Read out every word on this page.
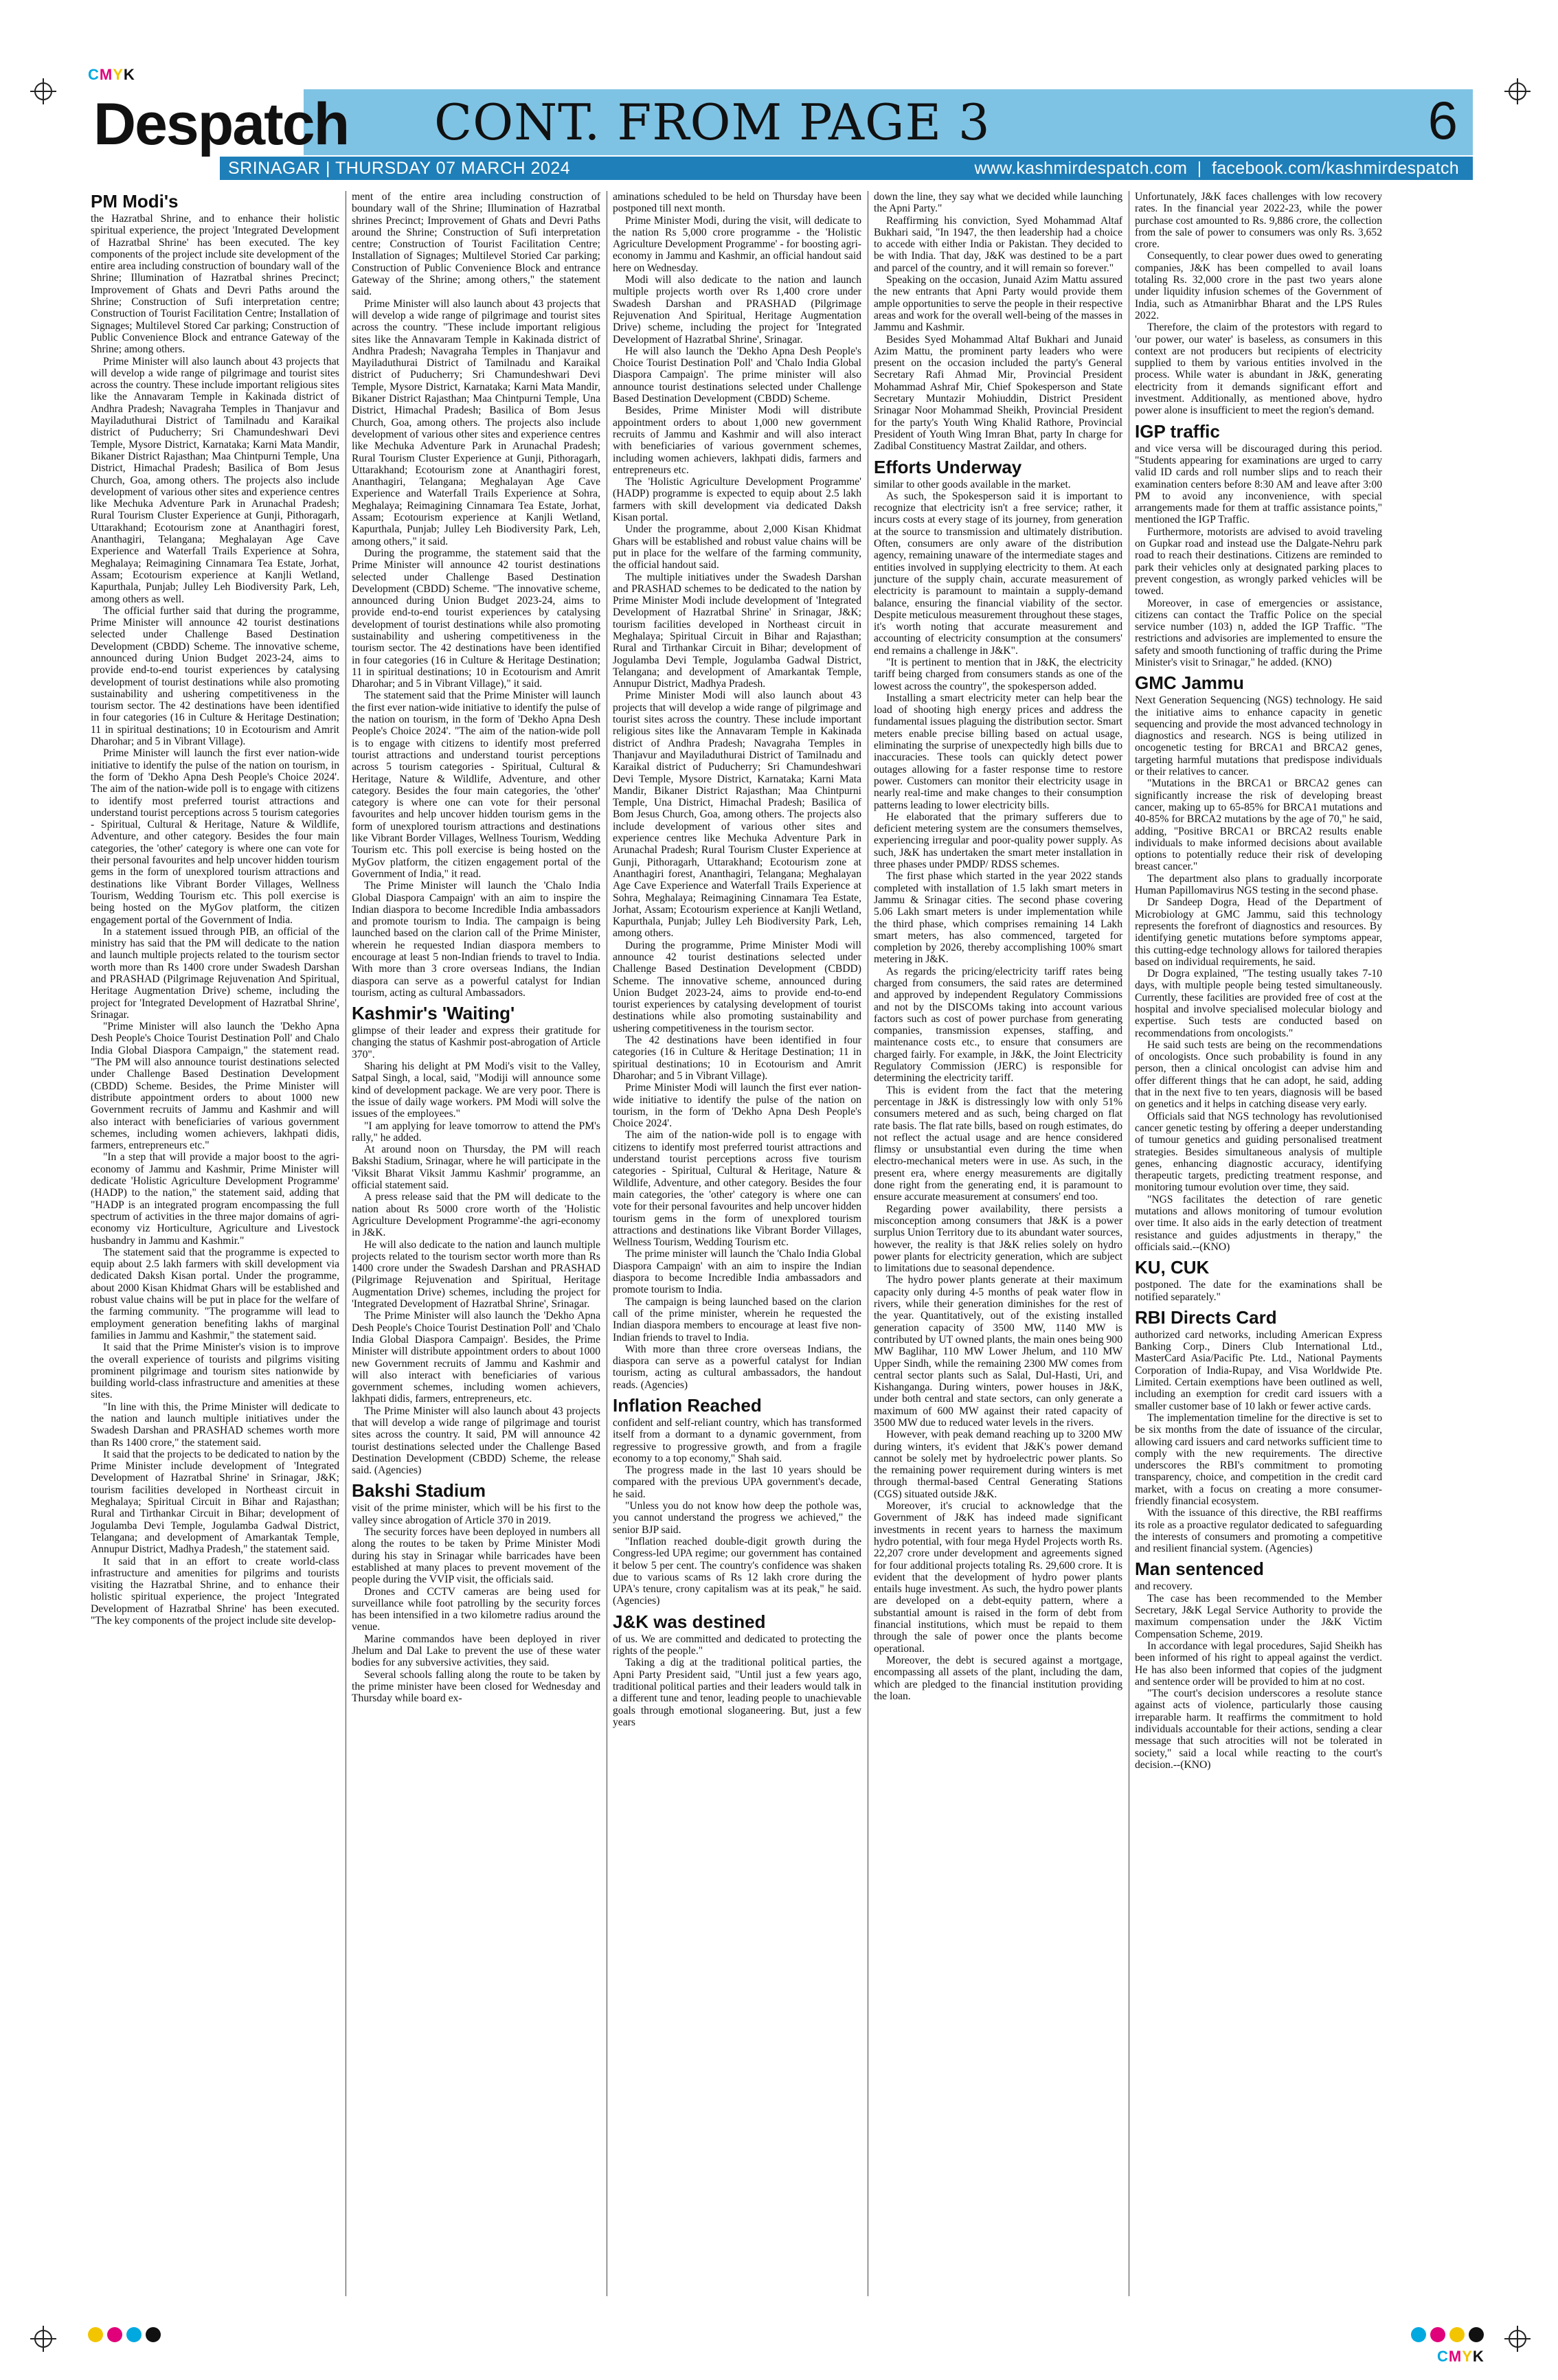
CMYK
CMYK
Despatch CONT. FROM PAGE 3	6
SRINAGAR | THURSDAY 07 MARCH 2024	www.kashmirdespatch.com | facebook.com/kashmirdespatch
PM Modi's

the Hazratbal Shrine, and to enhance their holistic spiritual experience, the project 'Integrated Development of Hazratbal Shrine' has been executed. The key components of the project include site development of the entire area including construction of boundary wall of the Shrine; Illumination of Hazratbal shrines Precinct; Improvement of Ghats and Devri Paths around the Shrine; Construction of Sufi interpretation centre; Construction of Tourist Facilitation Centre; Installation of Signages; Multilevel Stored Car parking; Construction of Public Convenience Block and entrance Gateway of the Shrine; among others.

Prime Minister will also launch about 43 projects that will develop a wide range of pilgrimage and tourist sites across the country. These include important religious sites like the Annavaram Temple in Kakinada district of Andhra Pradesh; Navagraha Temples in Thanjavur and Mayiladuthurai District of Tamilnadu and Karaikal district of Puducherry; Sri Chamundeshwari Devi Temple, Mysore District, Karnataka; Karni Mata Mandir, Bikaner District Rajasthan; Maa Chintpurni Temple, Una District, Himachal Pradesh; Basilica of Bom Jesus Church, Goa, among others. The projects also include development of various other sites and experience centres like Mechuka Adventure Park in Arunachal Pradesh; Rural Tourism Cluster Experience at Gunji, Pithoragarh, Uttarakhand; Ecotourism zone at Ananthagiri forest, Ananthagiri, Telangana; Meghalayan Age Cave Experience and Waterfall Trails Experience at Sohra, Meghalaya; Reimagining Cinnamara Tea Estate, Jorhat, Assam; Ecotourism experience at Kanjli Wetland, Kapurthala, Punjab; Julley Leh Biodiversity Park, Leh, among others as well.

The official further said that during the programme, Prime Minister will announce 42 tourist destinations selected under Challenge Based Destination Development (CBDD) Scheme. The innovative scheme, announced during Union Budget 2023-24, aims to provide end-to-end tourist experiences by catalysing development of tourist destinations while also promoting sustainability and ushering competitiveness in the tourism sector. The 42 destinations have been identified in four categories (16 in Culture & Heritage Destination; 11 in spiritual destinations; 10 in Ecotourism and Amrit Dharohar; and 5 in Vibrant Village).

Prime Minister will launch the first ever nation-wide initiative to identify the pulse of the nation on tourism, in the form of 'Dekho Apna Desh People's Choice 2024'. The aim of the nation-wide poll is to engage with citizens to identify most preferred tourist attractions and understand tourist perceptions across 5 tourism categories - Spiritual, Cultural & Heritage, Nature & Wildlife, Adventure, and other category. Besides the four main categories, the 'other' category is where one can vote for their personal favourites and help uncover hidden tourism gems in the form of unexplored tourism attractions and destinations like Vibrant Border Villages, Wellness Tourism, Wedding Tourism etc. This poll exercise is being hosted on the MyGov platform, the citizen engagement portal of the Government of India.

In a statement issued through PIB, an official of the ministry has said that the PM will dedicate to the nation and launch multiple projects related to the tourism sector worth more than Rs 1400 crore under Swadesh Darshan and PRASHAD (Pilgrimage Rejuvenation And Spiritual, Heritage Augmentation Drive) scheme, including the project for 'Integrated Development of Hazratbal Shrine', Srinagar.

"Prime Minister will also launch the 'Dekho Apna Desh People's Choice Tourist Destination Poll' and Chalo India Global Diaspora Campaign," the statement read. "The PM will also announce tourist destinations selected under Challenge Based Destination Development (CBDD) Scheme. Besides, the Prime Minister will distribute appointment orders to about 1000 new Government recruits of Jammu and Kashmir and will also interact with beneficiaries of various government schemes, including women achievers, lakhpati didis, farmers, entrepreneurs etc."

"In a step that will provide a major boost to the agri-economy of Jammu and Kashmir, Prime Minister will dedicate 'Holistic Agriculture Development Programme' (HADP) to the nation," the statement said, adding that "HADP is an integrated program encompassing the full spectrum of activities in the three major domains of agri-economy viz Horticulture, Agriculture and Livestock husbandry in Jammu and Kashmir."

The statement said that the programme is expected to equip about 2.5 lakh farmers with skill development via dedicated Daksh Kisan portal. Under the programme, about 2000 Kisan Khidmat Ghars will be established and robust value chains will be put in place for the welfare of the farming community. "The programme will lead to employment generation benefiting lakhs of marginal families in Jammu and Kashmir," the statement said.

It said that the Prime Minister's vision is to improve the overall experience of tourists and pilgrims visiting prominent pilgrimage and tourism sites nationwide by building world-class infrastructure and amenities at these sites.

"In line with this, the Prime Minister will dedicate to the nation and launch multiple initiatives under the Swadesh Darshan and PRASHAD schemes worth more than Rs 1400 crore," the statement said.

It said that the projects to be dedicated to nation by the Prime Minister include development of 'Integrated Development of Hazratbal Shrine' in Srinagar, J&K; tourism facilities developed in Northeast circuit in Meghalaya; Spiritual Circuit in Bihar and Rajasthan; Rural and Tirthankar Circuit in Bihar; development of Jogulamba Devi Temple, Jogulamba Gadwal District, Telangana; and development of Amarkantak Temple, Annupur District, Madhya Pradesh," the statement said.

It said that in an effort to create world-class infrastructure and amenities for pilgrims and tourists visiting the Hazratbal Shrine, and to enhance their holistic spiritual experience, the project 'Integrated Development of Hazratbal Shrine' has been executed. "The key components of the project include site develop-

ment of the entire area including construction of boundary wall of the Shrine; Illumination of Hazratbal shrines Precinct; Improvement of Ghats and Devri Paths around the Shrine; Construction of Sufi interpretation centre; Construction of Tourist Facilitation Centre; Installation of Signages; Multilevel Storied Car parking; Construction of Public Convenience Block and entrance Gateway of the Shrine; among others," the statement said.

Prime Minister will also launch about 43 projects that will develop a wide range of pilgrimage and tourist sites across the country. "These include important religious sites like the Annavaram Temple in Kakinada district of Andhra Pradesh; Navagraha Temples in Thanjavur and Mayiladuthurai District of Tamilnadu and Karaikal district of Puducherry; Sri Chamundeshwari Devi Temple, Mysore District, Karnataka; Karni Mata Mandir, Bikaner District Rajasthan; Maa Chintpurni Temple, Una District, Himachal Pradesh; Basilica of Bom Jesus Church, Goa, among others. The projects also include development of various other sites and experience centres like Mechuka Adventure Park in Arunachal Pradesh; Rural Tourism Cluster Experience at Gunji, Pithoragarh, Uttarakhand; Ecotourism zone at Ananthagiri forest, Ananthagiri, Telangana; Meghalayan Age Cave Experience and Waterfall Trails Experience at Sohra, Meghalaya; Reimagining Cinnamara Tea Estate, Jorhat, Assam; Ecotourism experience at Kanjli Wetland, Kapurthala, Punjab; Julley Leh Biodiversity Park, Leh, among others," it said.

During the programme, the statement said that the Prime Minister will announce 42 tourist destinations selected under Challenge Based Destination Development (CBDD) Scheme. "The innovative scheme, announced during Union Budget 2023-24, aims to provide end-to-end tourist experiences by catalysing development of tourist destinations while also promoting sustainability and ushering competitiveness in the tourism sector. The 42 destinations have been identified in four categories (16 in Culture & Heritage Destination; 11 in spiritual destinations; 10 in Ecotourism and Amrit Dharohar; and 5 in Vibrant Village)," it said.

The statement said that the Prime Minister will launch the first ever nation-wide initiative to identify the pulse of the nation on tourism, in the form of 'Dekho Apna Desh People's Choice 2024'. "The aim of the nation-wide poll is to engage with citizens to identify most preferred tourist attractions and understand tourist perceptions across 5 tourism categories - Spiritual, Cultural & Heritage, Nature & Wildlife, Adventure, and other category. Besides the four main categories, the 'other' category is where one can vote for their personal favourites and help uncover hidden tourism gems in the form of unexplored tourism attractions and destinations like Vibrant Border Villages, Wellness Tourism, Wedding Tourism etc. This poll exercise is being hosted on the MyGov platform, the citizen engagement portal of the Government of India," it read.

The Prime Minister will launch the 'Chalo India Global Diaspora Campaign' with an aim to inspire the Indian diaspora to become Incredible India ambassadors and promote tourism to India. The campaign is being launched based on the clarion call of the Prime Minister, wherein he requested Indian diaspora members to encourage at least 5 non-Indian friends to travel to India. With more than 3 crore overseas Indians, the Indian diaspora can serve as a powerful catalyst for Indian tourism, acting as cultural Ambassadors.

Kashmir's 'Waiting'

glimpse of their leader and express their gratitude for changing the status of Kashmir post-abrogation of Article 370".

Sharing his delight at PM Modi's visit to the Valley, Satpal Singh, a local, said, "Modiji will announce some kind of development package. We are very poor. There is the issue of daily wage workers. PM Modi will solve the issues of the employees."

"I am applying for leave tomorrow to attend the PM's rally," he added.

At around noon on Thursday, the PM will reach Bakshi Stadium, Srinagar, where he will participate in the 'Viksit Bharat Viksit Jammu Kashmir' programme, an official statement said.

A press release said that the PM will dedicate to the nation about Rs 5000 crore worth of the 'Holistic Agriculture Development Programme'-the agri-economy in J&K.

He will also dedicate to the nation and launch multiple projects related to the tourism sector worth more than Rs 1400 crore under the Swadesh Darshan and PRASHAD (Pilgrimage Rejuvenation and Spiritual, Heritage Augmentation Drive) schemes, including the project for 'Integrated Development of Hazratbal Shrine', Srinagar.

The Prime Minister will also launch the 'Dekho Apna Desh People's Choice Tourist Destination Poll' and 'Chalo India Global Diaspora Campaign'. Besides, the Prime Minister will distribute appointment orders to about 1000 new Government recruits of Jammu and Kashmir and will also interact with beneficiaries of various government schemes, including women achievers, lakhpati didis, farmers, entrepreneurs, etc.

The Prime Minister will also launch about 43 projects that will develop a wide range of pilgrimage and tourist sites across the country. It said, PM will announce 42 tourist destinations selected under the Challenge Based Destination Development (CBDD) Scheme, the release said. (Agencies)

Bakshi Stadium

visit of the prime minister, which will be his first to the valley since abrogation of Article 370 in 2019.

The security forces have been deployed in numbers all along the routes to be taken by Prime Minister Modi during his stay in Srinagar while barricades have been established at many places to prevent movement of the people during the VVIP visit, the officials said.

Drones and CCTV cameras are being used for surveillance while foot patrolling by the security forces has been intensified in a two kilometre radius around the venue.

Marine commandos have been deployed in river Jhelum and Dal Lake to prevent the use of these water bodies for any subversive activities, they said.

Several schools falling along the route to be taken by the prime minister have been closed for Wednesday and Thursday while board ex-

aminations scheduled to be held on Thursday have been postponed till next month.

Prime Minister Modi, during the visit, will dedicate to the nation Rs 5,000 crore programme - the 'Holistic Agriculture Development Programme' - for boosting agri-economy in Jammu and Kashmir, an official handout said here on Wednesday.

Modi will also dedicate to the nation and launch multiple projects worth over Rs 1,400 crore under Swadesh Darshan and PRASHAD (Pilgrimage Rejuvenation And Spiritual, Heritage Augmentation Drive) scheme, including the project for 'Integrated Development of Hazratbal Shrine', Srinagar.

He will also launch the 'Dekho Apna Desh People's Choice Tourist Destination Poll' and 'Chalo India Global Diaspora Campaign'. The prime minister will also announce tourist destinations selected under Challenge Based Destination Development (CBDD) Scheme.

Besides, Prime Minister Modi will distribute appointment orders to about 1,000 new government recruits of Jammu and Kashmir and will also interact with beneficiaries of various government schemes, including women achievers, lakhpati didis, farmers and entrepreneurs etc.

The 'Holistic Agriculture Development Programme' (HADP) programme is expected to equip about 2.5 lakh farmers with skill development via dedicated Daksh Kisan portal.

Under the programme, about 2,000 Kisan Khidmat Ghars will be established and robust value chains will be put in place for the welfare of the farming community, the official handout said.

The multiple initiatives under the Swadesh Darshan and PRASHAD schemes to be dedicated to the nation by Prime Minister Modi include development of 'Integrated Development of Hazratbal Shrine' in Srinagar, J&K; tourism facilities developed in Northeast circuit in Meghalaya; Spiritual Circuit in Bihar and Rajasthan; Rural and Tirthankar Circuit in Bihar; development of Jogulamba Devi Temple, Jogulamba Gadwal District, Telangana; and development of Amarkantak Temple, Annupur District, Madhya Pradesh.

Prime Minister Modi will also launch about 43 projects that will develop a wide range of pilgrimage and tourist sites across the country. These include important religious sites like the Annavaram Temple in Kakinada district of Andhra Pradesh; Navagraha Temples in Thanjavur and Mayiladuthurai District of Tamilnadu and Karaikal district of Puducherry; Sri Chamundeshwari Devi Temple, Mysore District, Karnataka; Karni Mata Mandir, Bikaner District Rajasthan; Maa Chintpurni Temple, Una District, Himachal Pradesh; Basilica of Bom Jesus Church, Goa, among others. The projects also include development of various other sites and experience centres like Mechuka Adventure Park in Arunachal Pradesh; Rural Tourism Cluster Experience at Gunji, Pithoragarh, Uttarakhand; Ecotourism zone at Ananthagiri forest, Ananthagiri, Telangana; Meghalayan Age Cave Experience and Waterfall Trails Experience at Sohra, Meghalaya; Reimagining Cinnamara Tea Estate, Jorhat, Assam; Ecotourism experience at Kanjli Wetland, Kapurthala, Punjab; Julley Leh Biodiversity Park, Leh, among others.

During the programme, Prime Minister Modi will announce 42 tourist destinations selected under Challenge Based Destination Development (CBDD) Scheme. The innovative scheme, announced during Union Budget 2023-24, aims to provide end-to-end tourist experiences by catalysing development of tourist destinations while also promoting sustainability and ushering competitiveness in the tourism sector.

The 42 destinations have been identified in four categories (16 in Culture & Heritage Destination; 11 in spiritual destinations; 10 in Ecotourism and Amrit Dharohar; and 5 in Vibrant Village).

Prime Minister Modi will launch the first ever nation-wide initiative to identify the pulse of the nation on tourism, in the form of 'Dekho Apna Desh People's Choice 2024'.

The aim of the nation-wide poll is to engage with citizens to identify most preferred tourist attractions and understand tourist perceptions across five tourism categories - Spiritual, Cultural & Heritage, Nature & Wildlife, Adventure, and other category. Besides the four main categories, the 'other' category is where one can vote for their personal favourites and help uncover hidden tourism gems in the form of unexplored tourism attractions and destinations like Vibrant Border Villages, Wellness Tourism, Wedding Tourism etc.

The prime minister will launch the 'Chalo India Global Diaspora Campaign' with an aim to inspire the Indian diaspora to become Incredible India ambassadors and promote tourism to India.

The campaign is being launched based on the clarion call of the prime minister, wherein he requested the Indian diaspora members to encourage at least five non-Indian friends to travel to India.

With more than three crore overseas Indians, the diaspora can serve as a powerful catalyst for Indian tourism, acting as cultural ambassadors, the handout reads. (Agencies)

Inflation Reached

confident and self-reliant country, which has transformed itself from a dormant to a dynamic government, from regressive to progressive growth, and from a fragile economy to a top economy," Shah said.

The progress made in the last 10 years should be compared with the previous UPA government's decade, he said.

"Unless you do not know how deep the pothole was, you cannot understand the progress we achieved," the senior BJP said.

"Inflation reached double-digit growth during the Congress-led UPA regime; our government has contained it below 5 per cent. The country's confidence was shaken due to various scams of Rs 12 lakh crore during the UPA's tenure, crony capitalism was at its peak," he said. (Agencies)

J&K was destined

of us. We are committed and dedicated to protecting the rights of the people."

Taking a dig at the traditional political parties, the Apni Party President said, "Until just a few years ago, traditional political parties and their leaders would talk in a different tune and tenor, leading people to unachievable goals through emotional sloganeering. But, just a few years

down the line, they say what we decided while launching the Apni Party."

Reaffirming his conviction, Syed Mohammad Altaf Bukhari said, "In 1947, the then leadership had a choice to accede with either India or Pakistan. They decided to be with India. That day, J&K was destined to be a part and parcel of the country, and it will remain so forever."

Speaking on the occasion, Junaid Azim Mattu assured the new entrants that Apni Party would provide them ample opportunities to serve the people in their respective areas and work for the overall well-being of the masses in Jammu and Kashmir.

Besides Syed Mohammad Altaf Bukhari and Junaid Azim Mattu, the prominent party leaders who were present on the occasion included the party's General Secretary Rafi Ahmad Mir, Provincial President Mohammad Ashraf Mir, Chief Spokesperson and State Secretary Muntazir Mohiuddin, District President Srinagar Noor Mohammad Sheikh, Provincial President for the party's Youth Wing Khalid Rathore, Provincial President of Youth Wing Imran Bhat, party In charge for Zadibal Constituency Mastrat Zaildar, and others.

Efforts Underway

similar to other goods available in the market.

As such, the Spokesperson said it is important to recognize that electricity isn't a free service; rather, it incurs costs at every stage of its journey, from generation at the source to transmission and ultimately distribution. Often, consumers are only aware of the distribution agency, remaining unaware of the intermediate stages and entities involved in supplying electricity to them. At each juncture of the supply chain, accurate measurement of electricity is paramount to maintain a supply-demand balance, ensuring the financial viability of the sector. Despite meticulous measurement throughout these stages, it's worth noting that accurate measurement and accounting of electricity consumption at the consumers' end remains a challenge in J&K".

"It is pertinent to mention that in J&K, the electricity tariff being charged from consumers stands as one of the lowest across the country", the spokesperson added.

Installing a smart electricity meter can help bear the load of shooting high energy prices and address the fundamental issues plaguing the distribution sector. Smart meters enable precise billing based on actual usage, eliminating the surprise of unexpectedly high bills due to inaccuracies. These tools can quickly detect power outages allowing for a faster response time to restore power. Customers can monitor their electricity usage in nearly real-time and make changes to their consumption patterns leading to lower electricity bills.

He elaborated that the primary sufferers due to deficient metering system are the consumers themselves, experiencing irregular and poor-quality power supply. As such, J&K has undertaken the smart meter installation in three phases under PMDP/ RDSS schemes.

The first phase which started in the year 2022 stands completed with installation of 1.5 lakh smart meters in Jammu & Srinagar cities. The second phase covering 5.06 Lakh smart meters is under implementation while the third phase, which comprises remaining 14 Lakh smart meters, has also commenced, targeted for completion by 2026, thereby accomplishing 100% smart metering in J&K.

As regards the pricing/electricity tariff rates being charged from consumers, the said rates are determined and approved by independent Regulatory Commissions and not by the DISCOMs taking into account various factors such as cost of power purchase from generating companies, transmission expenses, staffing, and maintenance costs etc., to ensure that consumers are charged fairly. For example, in J&K, the Joint Electricity Regulatory Commission (JERC) is responsible for determining the electricity tariff.

This is evident from the fact that the metering percentage in J&K is distressingly low with only 51% consumers metered and as such, being charged on flat rate basis. The flat rate bills, based on rough estimates, do not reflect the actual usage and are hence considered flimsy or unsubstantial even during the time when electro-mechanical meters were in use. As such, in the present era, where energy measurements are digitally done right from the generating end, it is paramount to ensure accurate measurement at consumers' end too.

Regarding power availability, there persists a misconception among consumers that J&K is a power surplus Union Territory due to its abundant water sources, however, the reality is that J&K relies solely on hydro power plants for electricity generation, which are subject to limitations due to seasonal dependence.

The hydro power plants generate at their maximum capacity only during 4-5 months of peak water flow in rivers, while their generation diminishes for the rest of the year. Quantitatively, out of the existing installed generation capacity of 3500 MW, 1140 MW is contributed by UT owned plants, the main ones being 900 MW Baglihar, 110 MW Lower Jhelum, and 110 MW Upper Sindh, while the remaining 2300 MW comes from central sector plants such as Salal, Dul-Hasti, Uri, and Kishanganga. During winters, power houses in J&K, under both central and state sectors, can only generate a maximum of 600 MW against their rated capacity of 3500 MW due to reduced water levels in the rivers.

However, with peak demand reaching up to 3200 MW during winters, it's evident that J&K's power demand cannot be solely met by hydroelectric power plants. So the remaining power requirement during winters is met through thermal-based Central Generating Stations (CGS) situated outside J&K.

Moreover, it's crucial to acknowledge that the Government of J&K has indeed made significant investments in recent years to harness the maximum hydro potential, with four mega Hydel Projects worth Rs. 22,207 crore under development and agreements signed for four additional projects totaling Rs. 29,600 crore. It is evident that the development of hydro power plants entails huge investment. As such, the hydro power plants are developed on a debt-equity pattern, where a substantial amount is raised in the form of debt from financial institutions, which must be repaid to them through the sale of power once the plants become operational.

Moreover, the debt is secured against a mortgage, encompassing all assets of the plant, including the dam, which are pledged to the financial institution providing the loan.

Unfortunately, J&K faces challenges with low recovery rates. In the financial year 2022-23, while the power purchase cost amounted to Rs. 9,886 crore, the collection from the sale of power to consumers was only Rs. 3,652 crore.

Consequently, to clear power dues owed to generating companies, J&K has been compelled to avail loans totaling Rs. 32,000 crore in the past two years alone under liquidity infusion schemes of the Government of India, such as Atmanirbhar Bharat and the LPS Rules 2022.

Therefore, the claim of the protestors with regard to 'our power, our water' is baseless, as consumers in this context are not producers but recipients of electricity supplied to them by various entities involved in the process. While water is abundant in J&K, generating electricity from it demands significant effort and investment. Additionally, as mentioned above, hydro power alone is insufficient to meet the region's demand.

IGP traffic

and vice versa will be discouraged during this period. "Students appearing for examinations are urged to carry valid ID cards and roll number slips and to reach their examination centers before 8:30 AM and leave after 3:00 PM to avoid any inconvenience, with special arrangements made for them at traffic assistance points," mentioned the IGP Traffic.

Furthermore, motorists are advised to avoid traveling on Gupkar road and instead use the Dalgate-Nehru park road to reach their destinations. Citizens are reminded to park their vehicles only at designated parking places to prevent congestion, as wrongly parked vehicles will be towed.

Moreover, in case of emergencies or assistance, citizens can contact the Traffic Police on the special service number (103) n, added the IGP Traffic. "The restrictions and advisories are implemented to ensure the safety and smooth functioning of traffic during the Prime Minister's visit to Srinagar," he added. (KNO)

GMC Jammu

Next Generation Sequencing (NGS) technology. He said the initiative aims to enhance capacity in genetic sequencing and provide the most advanced technology in diagnostics and research. NGS is being utilized in oncogenetic testing for BRCA1 and BRCA2 genes, targeting harmful mutations that predispose individuals or their relatives to cancer.

"Mutations in the BRCA1 or BRCA2 genes can significantly increase the risk of developing breast cancer, making up to 65-85% for BRCA1 mutations and 40-85% for BRCA2 mutations by the age of 70," he said, adding, "Positive BRCA1 or BRCA2 results enable individuals to make informed decisions about available options to potentially reduce their risk of developing breast cancer."

The department also plans to gradually incorporate Human Papillomavirus NGS testing in the second phase.

Dr Sandeep Dogra, Head of the Department of Microbiology at GMC Jammu, said this technology represents the forefront of diagnostics and resources. By identifying genetic mutations before symptoms appear, this cutting-edge technology allows for tailored therapies based on individual requirements, he said.

Dr Dogra explained, "The testing usually takes 7-10 days, with multiple people being tested simultaneously. Currently, these facilities are provided free of cost at the hospital and involve specialised molecular biology and expertise. Such tests are conducted based on recommendations from oncologists."

He said such tests are being on the recommendations of oncologists. Once such probability is found in any person, then a clinical oncologist can advise him and offer different things that he can adopt, he said, adding that in the next five to ten years, diagnosis will be based on genetics and it helps in catching disease very early.

Officials said that NGS technology has revolutionised cancer genetic testing by offering a deeper understanding of tumour genetics and guiding personalised treatment strategies. Besides simultaneous analysis of multiple genes, enhancing diagnostic accuracy, identifying therapeutic targets, predicting treatment response, and monitoring tumour evolution over time, they said.

"NGS facilitates the detection of rare genetic mutations and allows monitoring of tumour evolution over time. It also aids in the early detection of treatment resistance and guides adjustments in therapy," the officials said.--(KNO)

KU, CUK

postponed. The date for the examinations shall be notified separately."

RBI Directs Card

authorized card networks, including American Express Banking Corp., Diners Club International Ltd., MasterCard Asia/Pacific Pte. Ltd., National Payments Corporation of India-Rupay, and Visa Worldwide Pte. Limited. Certain exemptions have been outlined as well, including an exemption for credit card issuers with a smaller customer base of 10 lakh or fewer active cards.

The implementation timeline for the directive is set to be six months from the date of issuance of the circular, allowing card issuers and card networks sufficient time to comply with the new requirements. The directive underscores the RBI's commitment to promoting transparency, choice, and competition in the credit card market, with a focus on creating a more consumer-friendly financial ecosystem.

With the issuance of this directive, the RBI reaffirms its role as a proactive regulator dedicated to safeguarding the interests of consumers and promoting a competitive and resilient financial system. (Agencies)

Man sentenced

and recovery.

The case has been recommended to the Member Secretary, J&K Legal Service Authority to provide the maximum compensation under the J&K Victim Compensation Scheme, 2019.

In accordance with legal procedures, Sajid Sheikh has been informed of his right to appeal against the verdict. He has also been informed that copies of the judgment and sentence order will be provided to him at no cost.

"The court's decision underscores a resolute stance against acts of violence, particularly those causing irreparable harm. It reaffirms the commitment to hold individuals accountable for their actions, sending a clear message that such atrocities will not be tolerated in society," said a local while reacting to the court's decision.--(KNO)
